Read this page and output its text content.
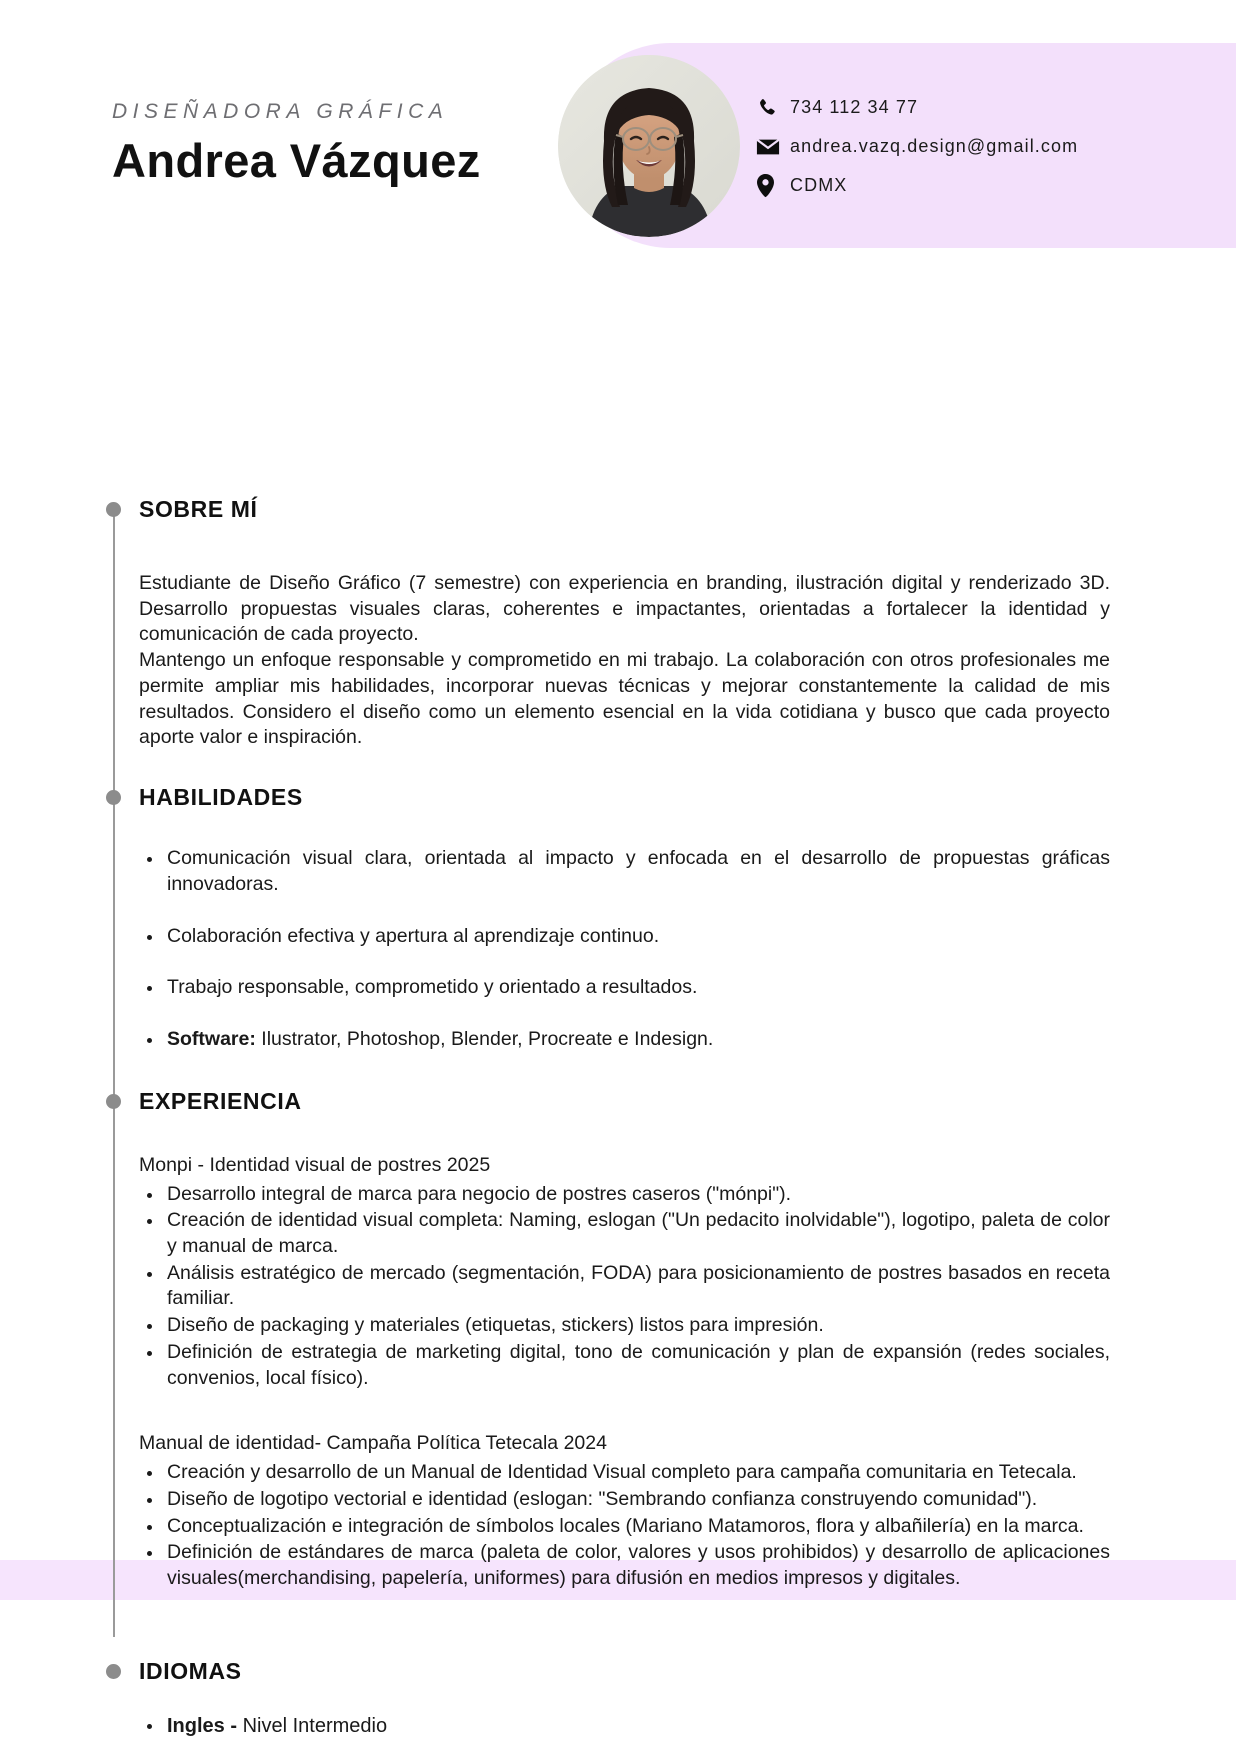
DISEÑADORA GRÁFICA
Andrea Vázquez
734 112 34 77
andrea.vazq.design@gmail.com
CDMX
SOBRE MÍ

Estudiante de Diseño Gráfico (7 semestre) con experiencia en branding, ilustración digital y renderizado 3D. Desarrollo propuestas visuales claras, coherentes e impactantes, orientadas a fortalecer la identidad y comunicación de cada proyecto.

Mantengo un enfoque responsable y comprometido en mi trabajo. La colaboración con otros profesionales me permite ampliar mis habilidades, incorporar nuevas técnicas y mejorar constantemente la calidad de mis resultados. Considero el diseño como un elemento esencial en la vida cotidiana y busco que cada proyecto aporte valor e inspiración.

HABILIDADES
Comunicación visual clara, orientada al impacto y enfocada en el desarrollo de propuestas gráficas innovadoras.
Colaboración efectiva y apertura al aprendizaje continuo.
Trabajo responsable, comprometido y orientado a resultados.
Software: Ilustrator, Photoshop, Blender, Procreate e Indesign.
EXPERIENCIA
Monpi - Identidad visual de postres 2025
Desarrollo integral de marca para negocio de postres caseros ("mónpi").
Creación de identidad visual completa: Naming, eslogan ("Un pedacito inolvidable"), logotipo, paleta de color y manual de marca.
Análisis estratégico de mercado (segmentación, FODA) para posicionamiento de postres basados en receta familiar.
Diseño de packaging y materiales (etiquetas, stickers) listos para impresión.
Definición de estrategia de marketing digital, tono de comunicación y plan de expansión (redes sociales, convenios, local físico).
Manual de identidad- Campaña Política Tetecala 2024
Creación y desarrollo de un Manual de Identidad Visual completo para campaña comunitaria en Tetecala.
Diseño de logotipo vectorial e identidad (eslogan: "Sembrando confianza construyendo comunidad").
Conceptualización e integración de símbolos locales (Mariano Matamoros, flora y albañilería) en la marca.
Definición de estándares de marca (paleta de color, valores y usos prohibidos) y desarrollo de aplicaciones visuales(merchandising, papelería, uniformes) para difusión en medios impresos y digitales.
IDIOMAS
Ingles - Nivel Intermedio
